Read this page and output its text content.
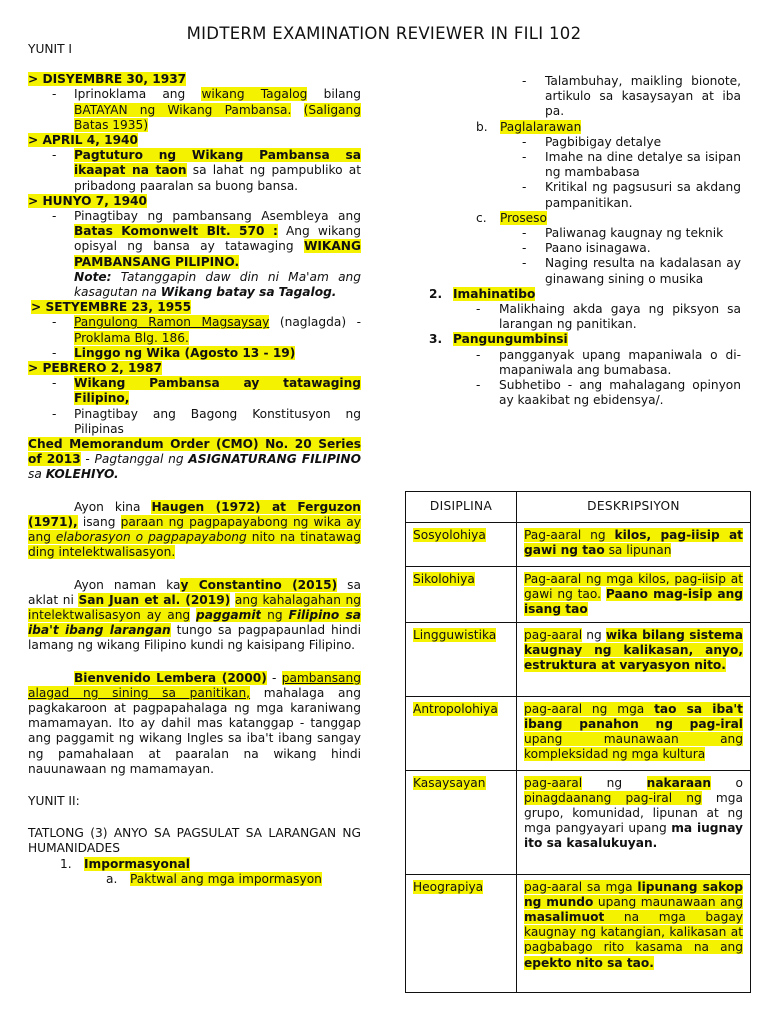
MIDTERM EXAMINATION REVIEWER IN FILI 102

YUNIT I

> DISYEMBRE 30, 1937

- Iprinoklama ang wikang Tagalog bilang BATAYAN ng Wikang Pambansa. (Saligang Batas 1935)

> APRIL 4, 1940

- Pagtuturo ng Wikang Pambansa sa ikaapat na taon sa lahat ng pampubliko at pribadong paaralan sa buong bansa.

> HUNYO 7, 1940

- Pinagtibay ng pambansang Asembleya ang Batas Komonwelt Blt. 570 : Ang wikang opisyal ng bansa ay tatawaging WIKANG PAMBANSANG PILIPINO.

Note: Tatanggapin daw din ni Ma'am ang kasagutan na Wikang batay sa Tagalog.

> SETYEMBRE 23, 1955

- Pangulong Ramon Magsaysay (naglagda) - Proklama Blg. 186.

- Linggo ng Wika (Agosto 13 - 19)

> PEBRERO 2, 1987

- Wikang Pambansa ay tatawaging Filipino,

- Pinagtibay ang Bagong Konstitusyon ng Pilipinas

Ched Memorandum Order (CMO) No. 20 Series of 2013 - Pagtanggal ng ASIGNATURANG FILIPINO sa KOLEHIYO.

Ayon kina Haugen (1972) at Ferguzon (1971), isang paraan ng pagpapayabong ng wika ay ang elaborasyon o pagpapayabong nito na tinatawag ding intelektwalisasyon.

Ayon naman kay Constantino (2015) sa aklat ni San Juan et al. (2019) ang kahalagahan ng intelektwalisasyon ay ang paggamit ng Filipino sa iba't ibang larangan tungo sa pagpapaunlad hindi lamang ng wikang Filipino kundi ng kaisipang Filipino.

Bienvenido Lembera (2000) - pambansang alagad ng sining sa panitikan, mahalaga ang pagkakaroon at pagpapahalaga ng mga karaniwang mamamayan. Ito ay dahil mas katanggap - tanggap ang paggamit ng wikang Ingles sa iba't ibang sangay ng pamahalaan at paaralan na wikang hindi nauunawaan ng mamamayan.

YUNIT II:

TATLONG (3) ANYO SA PAGSULAT SA LARANGAN NG HUMANIDADES

1. Impormasyonal

a. Paktwal ang mga impormasyon

- Talambuhay, maikling bionote, artikulo sa kasaysayan at iba pa.

b. Paglalarawan

- Pagbibigay detalye

- Imahe na dine detalye sa isipan ng mambabasa

- Kritikal ng pagsusuri sa akdang pampanitikan.

c. Proseso

- Paliwanag kaugnay ng teknik

- Paano isinagawa.

- Naging resulta na kadalasan ay ginawang sining o musika

2. Imahinatibo

- Malikhaing akda gaya ng piksyon sa larangan ng panitikan.

3. Pangungumbinsi

- pangganyak upang mapaniwala o di-mapaniwala ang bumabasa.

- Subhetibo - ang mahalagang opinyon ay kaakibat ng ebidensya/.

DISIPLINA	DESKRIPSIYON
Sosyolohiya	Pag-aaral ng kilos, pag-iisip at gawi ng tao sa lipunan
Sikolohiya	Pag-aaral ng mga kilos, pag-iisip at gawi ng tao. Paano mag-isip ang isang tao
Lingguwistika	pag-aaral ng wika bilang sistema kaugnay ng kalikasan, anyo, estruktura at varyasyon nito.
Antropolohiya	pag-aaral ng mga tao sa iba't ibang panahon ng pag-iral upang maunawaan ang kompleksidad ng mga kultura
Kasaysayan	pag-aaral ng nakaraan o pinagdaanang pag-iral ng mga grupo, komunidad, lipunan at ng mga pangyayari upang ma iugnay ito sa kasalukuyan.
Heograpiya	pag-aaral sa mga lipunang sakop ng mundo upang maunawaan ang masalimuot na mga bagay kaugnay ng katangian, kalikasan at pagbabago rito kasama na ang epekto nito sa tao.
